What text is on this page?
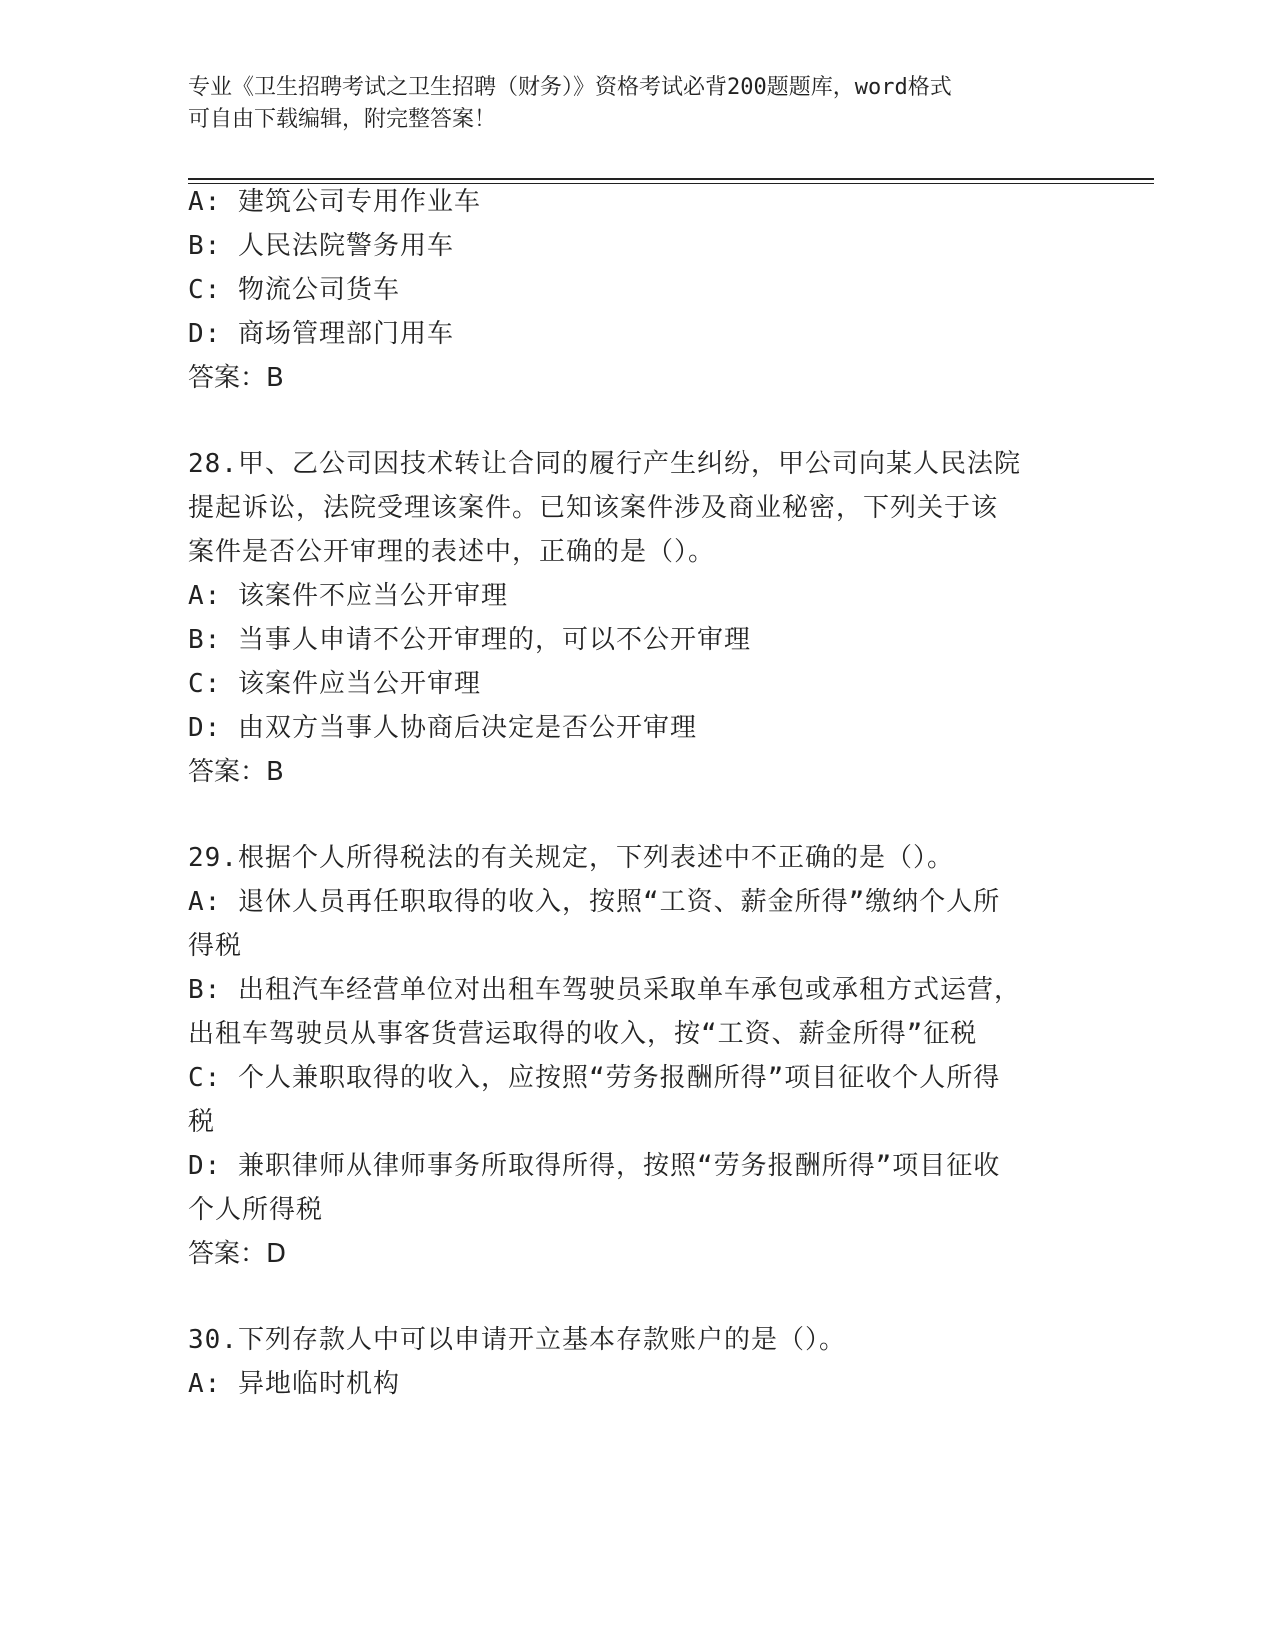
专业《卫生招聘考试之卫生招聘（财务）》资格考试必背200题题库，word格式
可自由下载编辑，附完整答案！
A: 建筑公司专用作业车
B: 人民法院警务用车
C: 物流公司货车
D: 商场管理部门用车
答案：B
28.甲、乙公司因技术转让合同的履行产生纠纷，甲公司向某人民法院
提起诉讼，法院受理该案件。已知该案件涉及商业秘密，下列关于该
案件是否公开审理的表述中，正确的是（）。
A: 该案件不应当公开审理
B: 当事人申请不公开审理的，可以不公开审理
C: 该案件应当公开审理
D: 由双方当事人协商后决定是否公开审理
答案：B
29.根据个人所得税法的有关规定，下列表述中不正确的是（）。
A: 退休人员再任职取得的收入，按照“工资、薪金所得”缴纳个人所
得税
B: 出租汽车经营单位对出租车驾驶员采取单车承包或承租方式运营，
出租车驾驶员从事客货营运取得的收入，按“工资、薪金所得”征税
C: 个人兼职取得的收入，应按照“劳务报酬所得”项目征收个人所得
税
D: 兼职律师从律师事务所取得所得，按照“劳务报酬所得”项目征收
个人所得税
答案：D
30.下列存款人中可以申请开立基本存款账户的是（）。
A: 异地临时机构
